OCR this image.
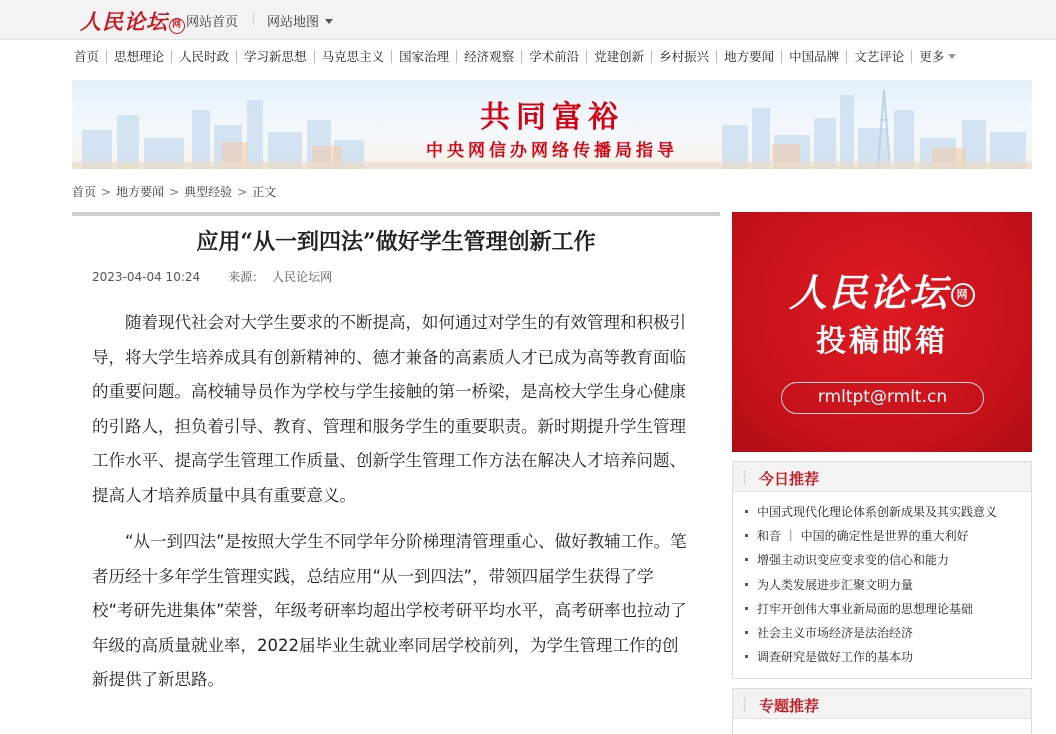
人民论坛 网 网站首页 网站地图
首页	思想理论	人民时政	学习新思想	马克思主义	国家治理	经济观察	学术前沿	党建创新	乡村振兴	地方要闻	中国品牌	文艺评论	更多
共同富裕
中央网信办网络传播局指导
首页 > 地方要闻 > 典型经验 > 正文
应用“从一到四法”做好学生管理创新工作
2023-04-04 10:24 来源： 人民论坛网

随着现代社会对大学生要求的不断提高，如何通过对学生的有效管理和积极引导，将大学生培养成具有创新精神的、德才兼备的高素质人才已成为高等教育面临的重要问题。高校辅导员作为学校与学生接触的第一桥梁，是高校大学生身心健康的引路人，担负着引导、教育、管理和服务学生的重要职责。新时期提升学生管理工作水平、提高学生管理工作质量、创新学生管理工作方法在解决人才培养问题、提高人才培养质量中具有重要意义。

“从一到四法”是按照大学生不同学年分阶梯理清管理重心、做好教辅工作。笔者历经十多年学生管理实践，总结应用“从一到四法”，带领四届学生获得了学校“考研先进集体”荣誉，年级考研率均超出学校考研平均水平，高考研率也拉动了年级的高质量就业率，2022届毕业生就业率同居学校前列，为学生管理工作的创新提供了新思路。

人民论坛 网
投稿邮箱
rmltpt@rmlt.cn
今日推荐
中国式现代化理论体系创新成果及其实践意义
和音 ｜ 中国的确定性是世界的重大利好
增强主动识变应变求变的信心和能力
为人类发展进步汇聚文明力量
打牢开创伟大事业新局面的思想理论基础
社会主义市场经济是法治经济
调查研究是做好工作的基本功
专题推荐
